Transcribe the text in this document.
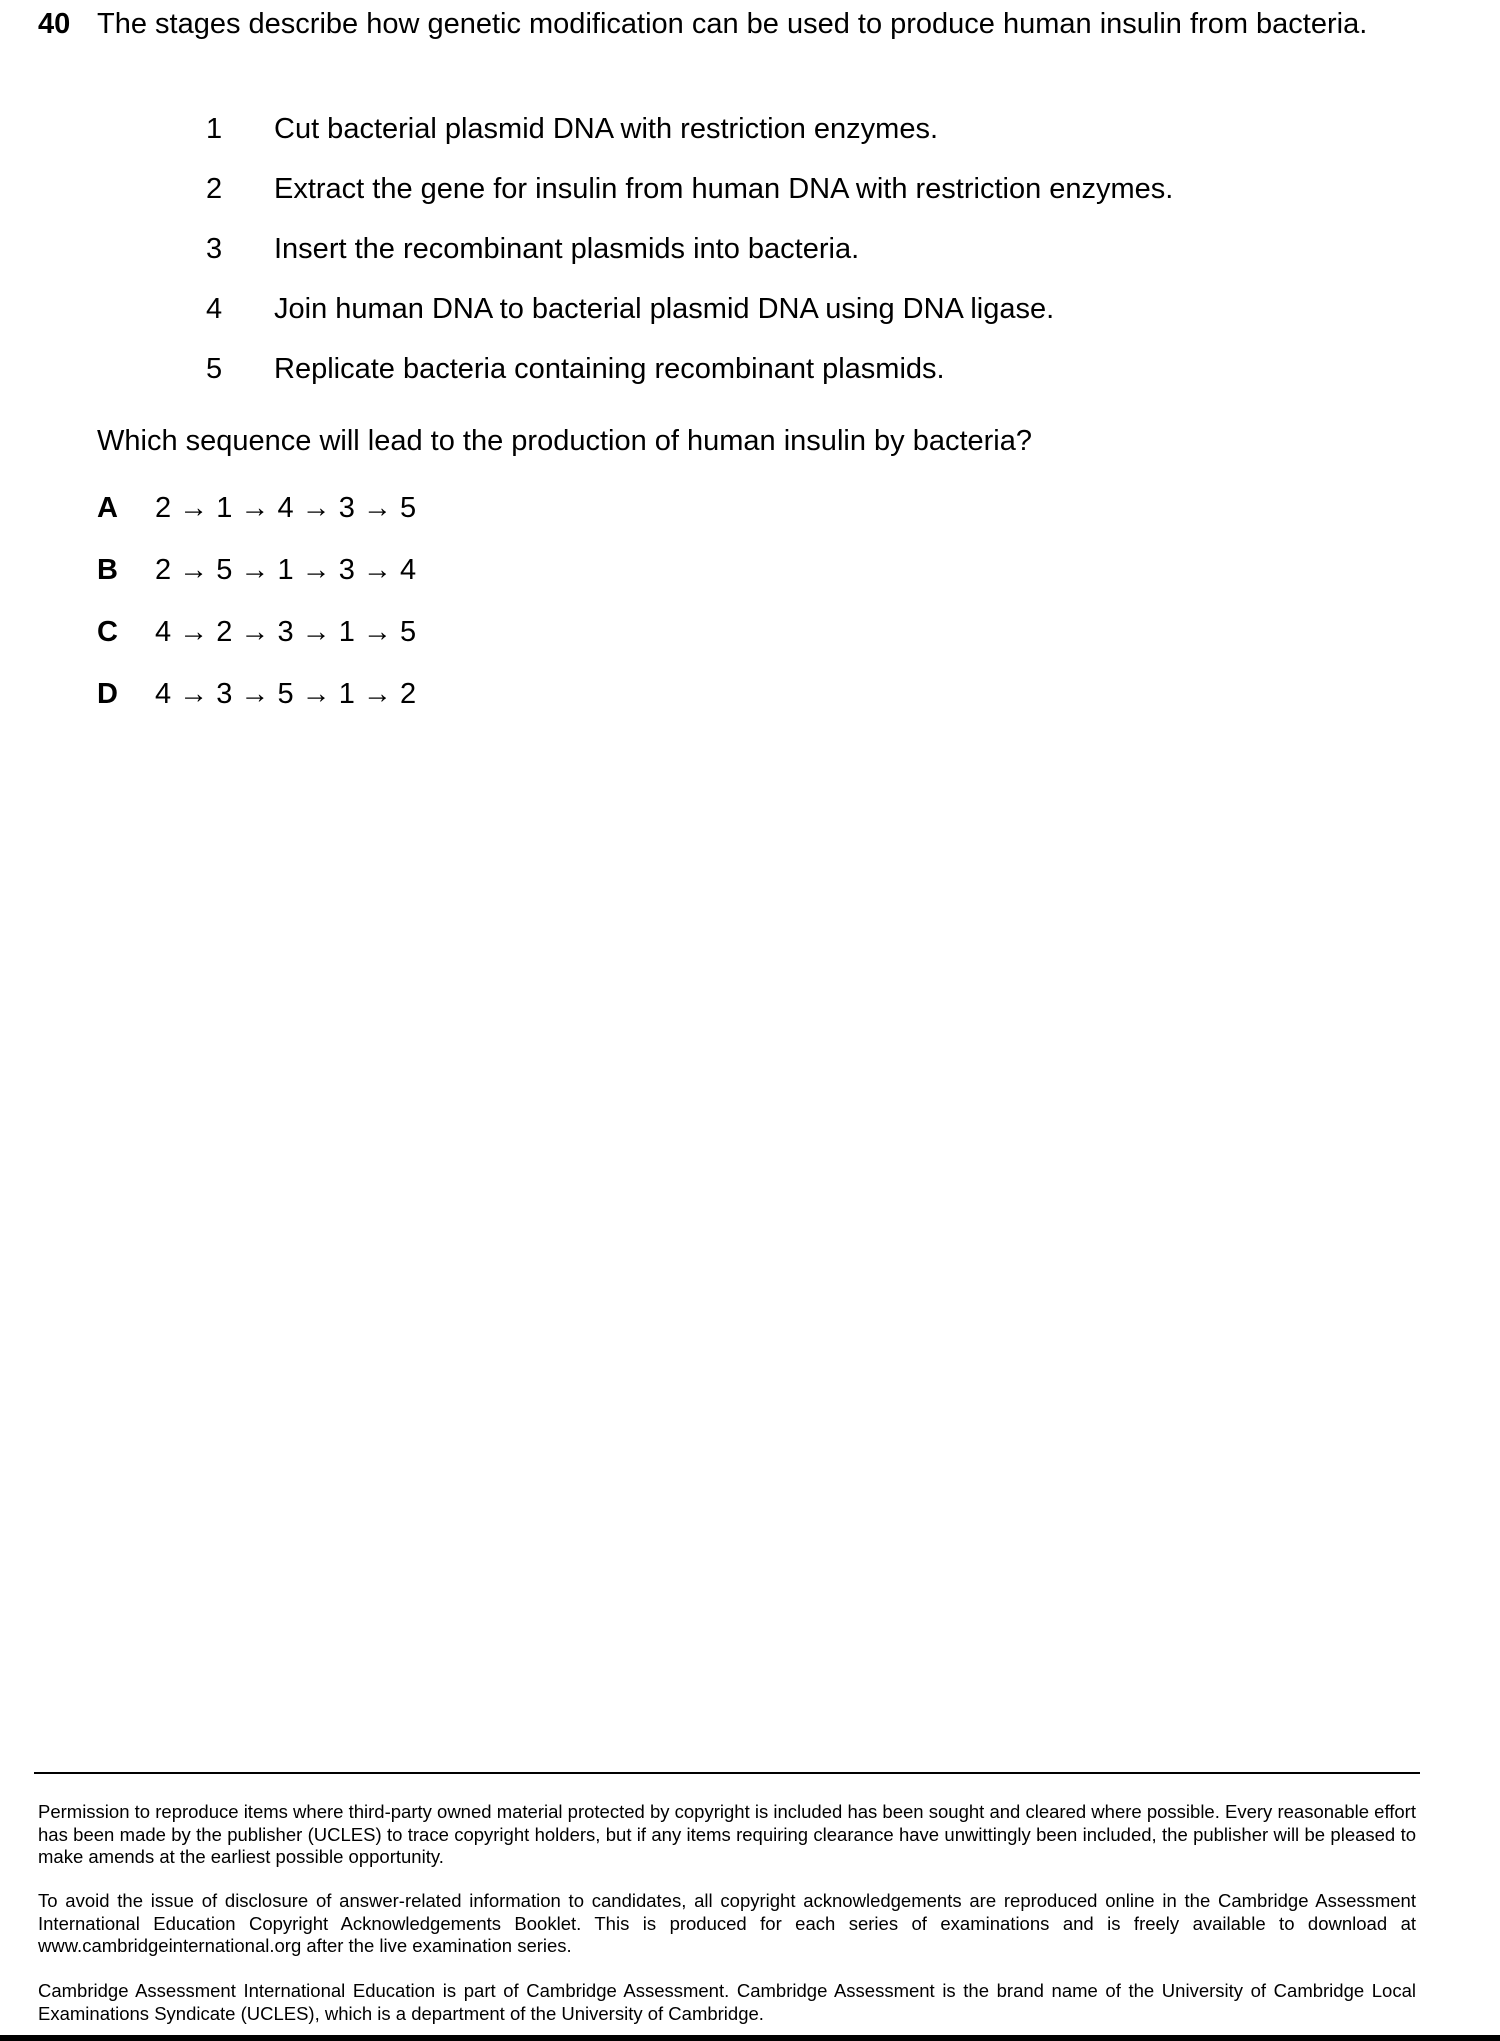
40 The stages describe how genetic modification can be used to produce human insulin from bacteria.
1	Cut bacterial plasmid DNA with restriction enzymes.
2	Extract the gene for insulin from human DNA with restriction enzymes.
3	Insert the recombinant plasmids into bacteria.
4	Join human DNA to bacterial plasmid DNA using DNA ligase.
5	Replicate bacteria containing recombinant plasmids.
Which sequence will lead to the production of human insulin by bacteria?
A 2 → 1 → 4 → 3 → 5
B 2 → 5 → 1 → 3 → 4
C 4 → 2 → 3 → 1 → 5
D 4 → 3 → 5 → 1 → 2
Permission to reproduce items where third-party owned material protected by copyright is included has been sought and cleared where possible. Every reasonable effort has been made by the publisher (UCLES) to trace copyright holders, but if any items requiring clearance have unwittingly been included, the publisher will be pleased to make amends at the earliest possible opportunity.
To avoid the issue of disclosure of answer-related information to candidates, all copyright acknowledgements are reproduced online in the Cambridge Assessment International Education Copyright Acknowledgements Booklet. This is produced for each series of examinations and is freely available to download at www.cambridgeinternational.org after the live examination series.
Cambridge Assessment International Education is part of Cambridge Assessment. Cambridge Assessment is the brand name of the University of Cambridge Local Examinations Syndicate (UCLES), which is a department of the University of Cambridge.
